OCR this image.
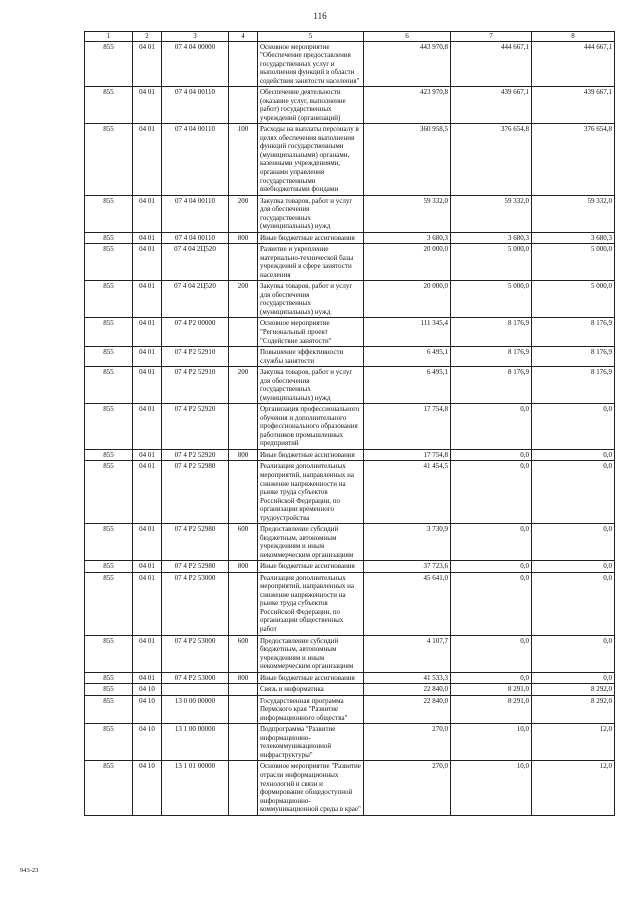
116
1	2	3	4	5	6	7	8
855	04 01	07 4 04 00000		Основное мероприятие "Обеспечение предоставления государственных услуг и выполнения функций в области содействия занятости населения"	443 970,8	444 667,1	444 667,1
855	04 01	07 4 04 00110		Обеспечение деятельности (оказание услуг, выполнение работ) государственных учреждений (организаций)	423 970,8	439 667,1	439 667,1
855	04 01	07 4 04 00110	100	Расходы на выплаты персоналу в целях обеспечения выполнения функций государственными (муниципальными) органами, казенными учреждениями, органами управления государственными внебюджетными фондами	360 958,5	376 654,8	376 654,8
855	04 01	07 4 04 00110	200	Закупка товаров, работ и услуг для обеспечения государственных (муниципальных) нужд	59 332,0	59 332,0	59 332,0
855	04 01	07 4 04 00110	800	Иные бюджетные ассигнования	3 680,3	3 680,3	3 680,3
855	04 01	07 4 04 2Ц520		Развитие и укрепление материально-технической базы учреждений в сфере занятости населения	20 000,0	5 000,0	5 000,0
855	04 01	07 4 04 2Ц520	200	Закупка товаров, работ и услуг для обеспечения государственных (муниципальных) нужд	20 000,0	5 000,0	5 000,0
855	04 01	07 4 P2 00000		Основное мероприятие "Региональный проект "Содействие занятости"	111 345,4	8 176,9	8 176,9
855	04 01	07 4 P2 52910		Повышение эффективности службы занятости	6 495,1	8 176,9	8 176,9
855	04 01	07 4 P2 52910	200	Закупка товаров, работ и услуг для обеспечения государственных (муниципальных) нужд	6 495,1	8 176,9	8 176,9
855	04 01	07 4 P2 52920		Организация профессионального обучения и дополнительного профессионального образования работников промышленных предприятий	17 754,8	0,0	0,0
855	04 01	07 4 P2 52920	800	Иные бюджетные ассигнования	17 754,8	0,0	0,0
855	04 01	07 4 P2 52980		Реализация дополнительных мероприятий, направленных на снижение напряженности на рынке труда субъектов Российской Федерации, по организации временного трудоустройства	41 454,5	0,0	0,0
855	04 01	07 4 P2 52980	600	Предоставление субсидий бюджетным, автономным учреждениям и иным некоммерческим организациям	3 730,9	0,0	0,0
855	04 01	07 4 P2 52980	800	Иные бюджетные ассигнования	37 723,6	0,0	0,0
855	04 01	07 4 P2 53000		Реализация дополнительных мероприятий, направленных на снижение напряженности на рынке труда субъектов Российской Федерации, по организации общественных работ	45 641,0	0,0	0,0
855	04 01	07 4 P2 53000	600	Предоставление субсидий бюджетным, автономным учреждениям и иным некоммерческим организациям	4 107,7	0,0	0,0
855	04 01	07 4 P2 53000	800	Иные бюджетные ассигнования	41 533,3	0,0	0,0
855	04 10			Связь и информатика	22 840,0	8 291,0	8 292,0
855	04 10	13 0 00 00000		Государственная программа Пермского края "Развитие информационного общества"	22 840,0	8 291,0	8 292,0
855	04 10	13 1 00 00000		Подпрограмма "Развитие информационно-телекоммуникационной инфраструктуры"	270,0	10,0	12,0
855	04 10	13 1 01 00000		Основное мероприятие "Развитие отрасли информационных технологий и связи и формирование общедоступной информационно-коммуникационной среды в крае"	270,0	10,0	12,0
943-23
